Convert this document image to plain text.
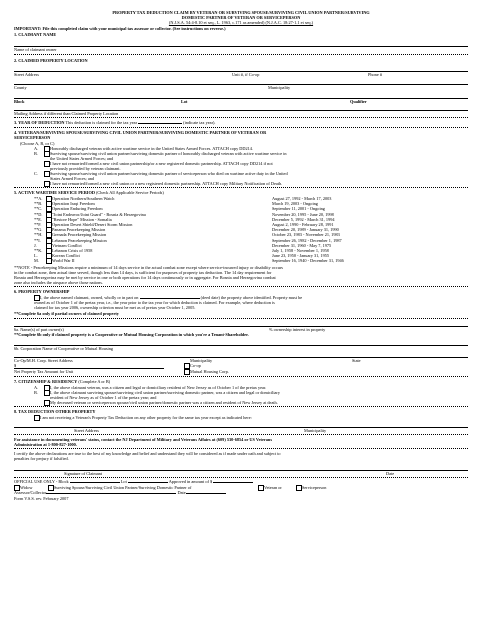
PROPERTY TAX DEDUCTION CLAIM BY VETERAN OR SURVIVING SPOUSE/SURVIVING CIVIL UNION PARTNER/SURVIVING
DOMESTIC PARTNER OF VETERAN OR SERVICEPERSON
(N.J.S.A. 54:4-8.10 et seq., L. 1963, c.171 as amended) (N.J.A.C. 18:27-1.1 et seq.)
IMPORTANT: File this completed claim with your municipal tax assessor or collector. (See instructions on reverse.)
1. CLAIMANT NAME
Name of claimant owner
2. CLAIMED PROPERTY LOCATION
Street Address	Unit #, if Co-op	Phone #
County	Municipality
Block	Lot	Qualifier
Mailing Address if different than Claimed Property Location
3. YEAR OF DEDUCTION This deduction is claimed for the tax year	(indicate tax year).
4. VETERAN/SURVIVING SPOUSE/SURVIVING CIVIL UNION PARTNER/SURVIVING DOMESTIC PARTNER OF VETERAN OR
SERVICEPERSON
(Choose A, B, or C)
A.	Honorably discharged veteran with active wartime service in the United States Armed Forces. ATTACH copy DD214.
B.	Surviving spouse/surviving civil union partner/surviving domestic partner of honorably discharged veteran with active wartime service in
the United States Armed Forces; and
I have not remarried/formed a new civil union partnership/or a new registered domestic partnership. ATTACH copy DD214 if not
previously provided by veteran claimant.
C.	Surviving spouse/surviving civil union partner/surviving domestic partner of serviceperson who died on wartime active duty in the United
States Armed Forces; and
I have not remarried/formed a new civil union or a new registered domestic partnership. ATTACH copy Military Notification of Death.
5. ACTIVE WARTIME SERVICE PERIOD (Check All Applicable Service Periods)
**A. Operation Northern/Southern Watch	August 27, 1992 - March 17, 2003
**B. Operation Iraqi Freedom	March 19, 2003 - Ongoing
**C. Operation Enduring Freedom	September 11, 2001 - Ongoing
**D. "Joint Endeavor/Joint Guard" - Bosnia & Herzegovina	November 20, 1995 - June 20, 1998
**E. "Restore Hope" Mission - Somalia	December 5, 1992 - March 31, 1994
**F. Operation Desert Shield/Desert Storm Mission	August 2, 1990 - February 28, 1991
**G. Panama Peacekeeping Mission	December 20, 1989 - January 31, 1990
**H. Grenada Peacekeeping Mission	October 23, 1983 - November 21, 1983
**I.	Lebanon Peacekeeping Mission	September 26, 1982 - December 1, 1987
J.	Vietnam Conflict	December 31, 1960 - May 7, 1975
**K. Lebanon Crisis of 1958	July 1, 1958 - November 1, 1958
L.	Korean Conflict	June 23, 1950 - January 31, 1955
M.	World War II	September 16, 1940 - December 31, 1946
**NOTE - Peacekeeping Missions require a minimum of 14 days service in the actual combat zone except where service-incurred injury or disability occurs
in the combat zone, then actual time served, though less than 14 days, is sufficient for purposes of property tax deduction. The 14 day requirement for
Bosnia and Herzegovina may be met by service in one or both operations for 14 days continuously or in aggregate. For Bosnia and Herzegovina combat
zone also includes the airspace above those nations.
6. PROPERTY OWNERSHIP
I, the above named claimant, owned, wholly or in part on	(deed date) the property above identified. Property must be
owned as of October 1 of the pretax year, i.e., the year prior to the tax year for which deduction is claimed. For example, where deduction is
claimed for tax year 2006, ownership criterion must be met as of pretax year October 1, 2005.
**Complete 6a only if partial owners of claimed property
6a. Name(s) of part owner(s)	% ownership interest in property
**Complete 6b only if claimed property is a Cooperative or Mutual Housing Corporation in which you're a Tenant-Shareholder.
6b. Corporation Name of Cooperative or Mutual Housing
Co-Op/M.H. Corp. Street Address	Municipality	State
$	Co-op
Net Property Tax Amount for Unit	Mutual Housing Corp.
7. CITIZENSHIP & RESIDENCY (Complete A or B)
A.	I, the above claimant veteran, was a citizen and legal or domiciliary resident of New Jersey as of October 1 of the pretax year.
B.	I, the above claimant surviving spouse/surviving civil union partner/surviving domestic partner, was a citizen and legal or domiciliary
resident of New Jersey as of October 1 of the pretax year; and
My deceased veteran or serviceperson spouse/civil union partner/domestic partner was a citizen and resident of New Jersey at death.
8. TAX DEDUCTION OTHER PROPERTY
I am not receiving a Veteran's Property Tax Deduction on any other property for the same tax year except as indicated here:
Street Address	Municipality
For assistance in documenting veterans' status, contact the NJ Department of Military and Veterans Affairs at (609) 530-6854 or US Veterans
Administration at 1-800-827-1000.
I certify the above declarations are true to the best of my knowledge and belief and understand they will be considered as if made under oath and subject to
penalties for perjury if falsified.
Signature of Claimant	Date
OFFICIAL USE ONLY - Block	Lot	Approved in amount of $
Widow	Surviving Spouse/Surviving Civil Union Partner/Surviving Domestic Partner of	Veteran or	Serviceperson
Assessor/Collector	Date
Form V.S.S. rev. February 2007
